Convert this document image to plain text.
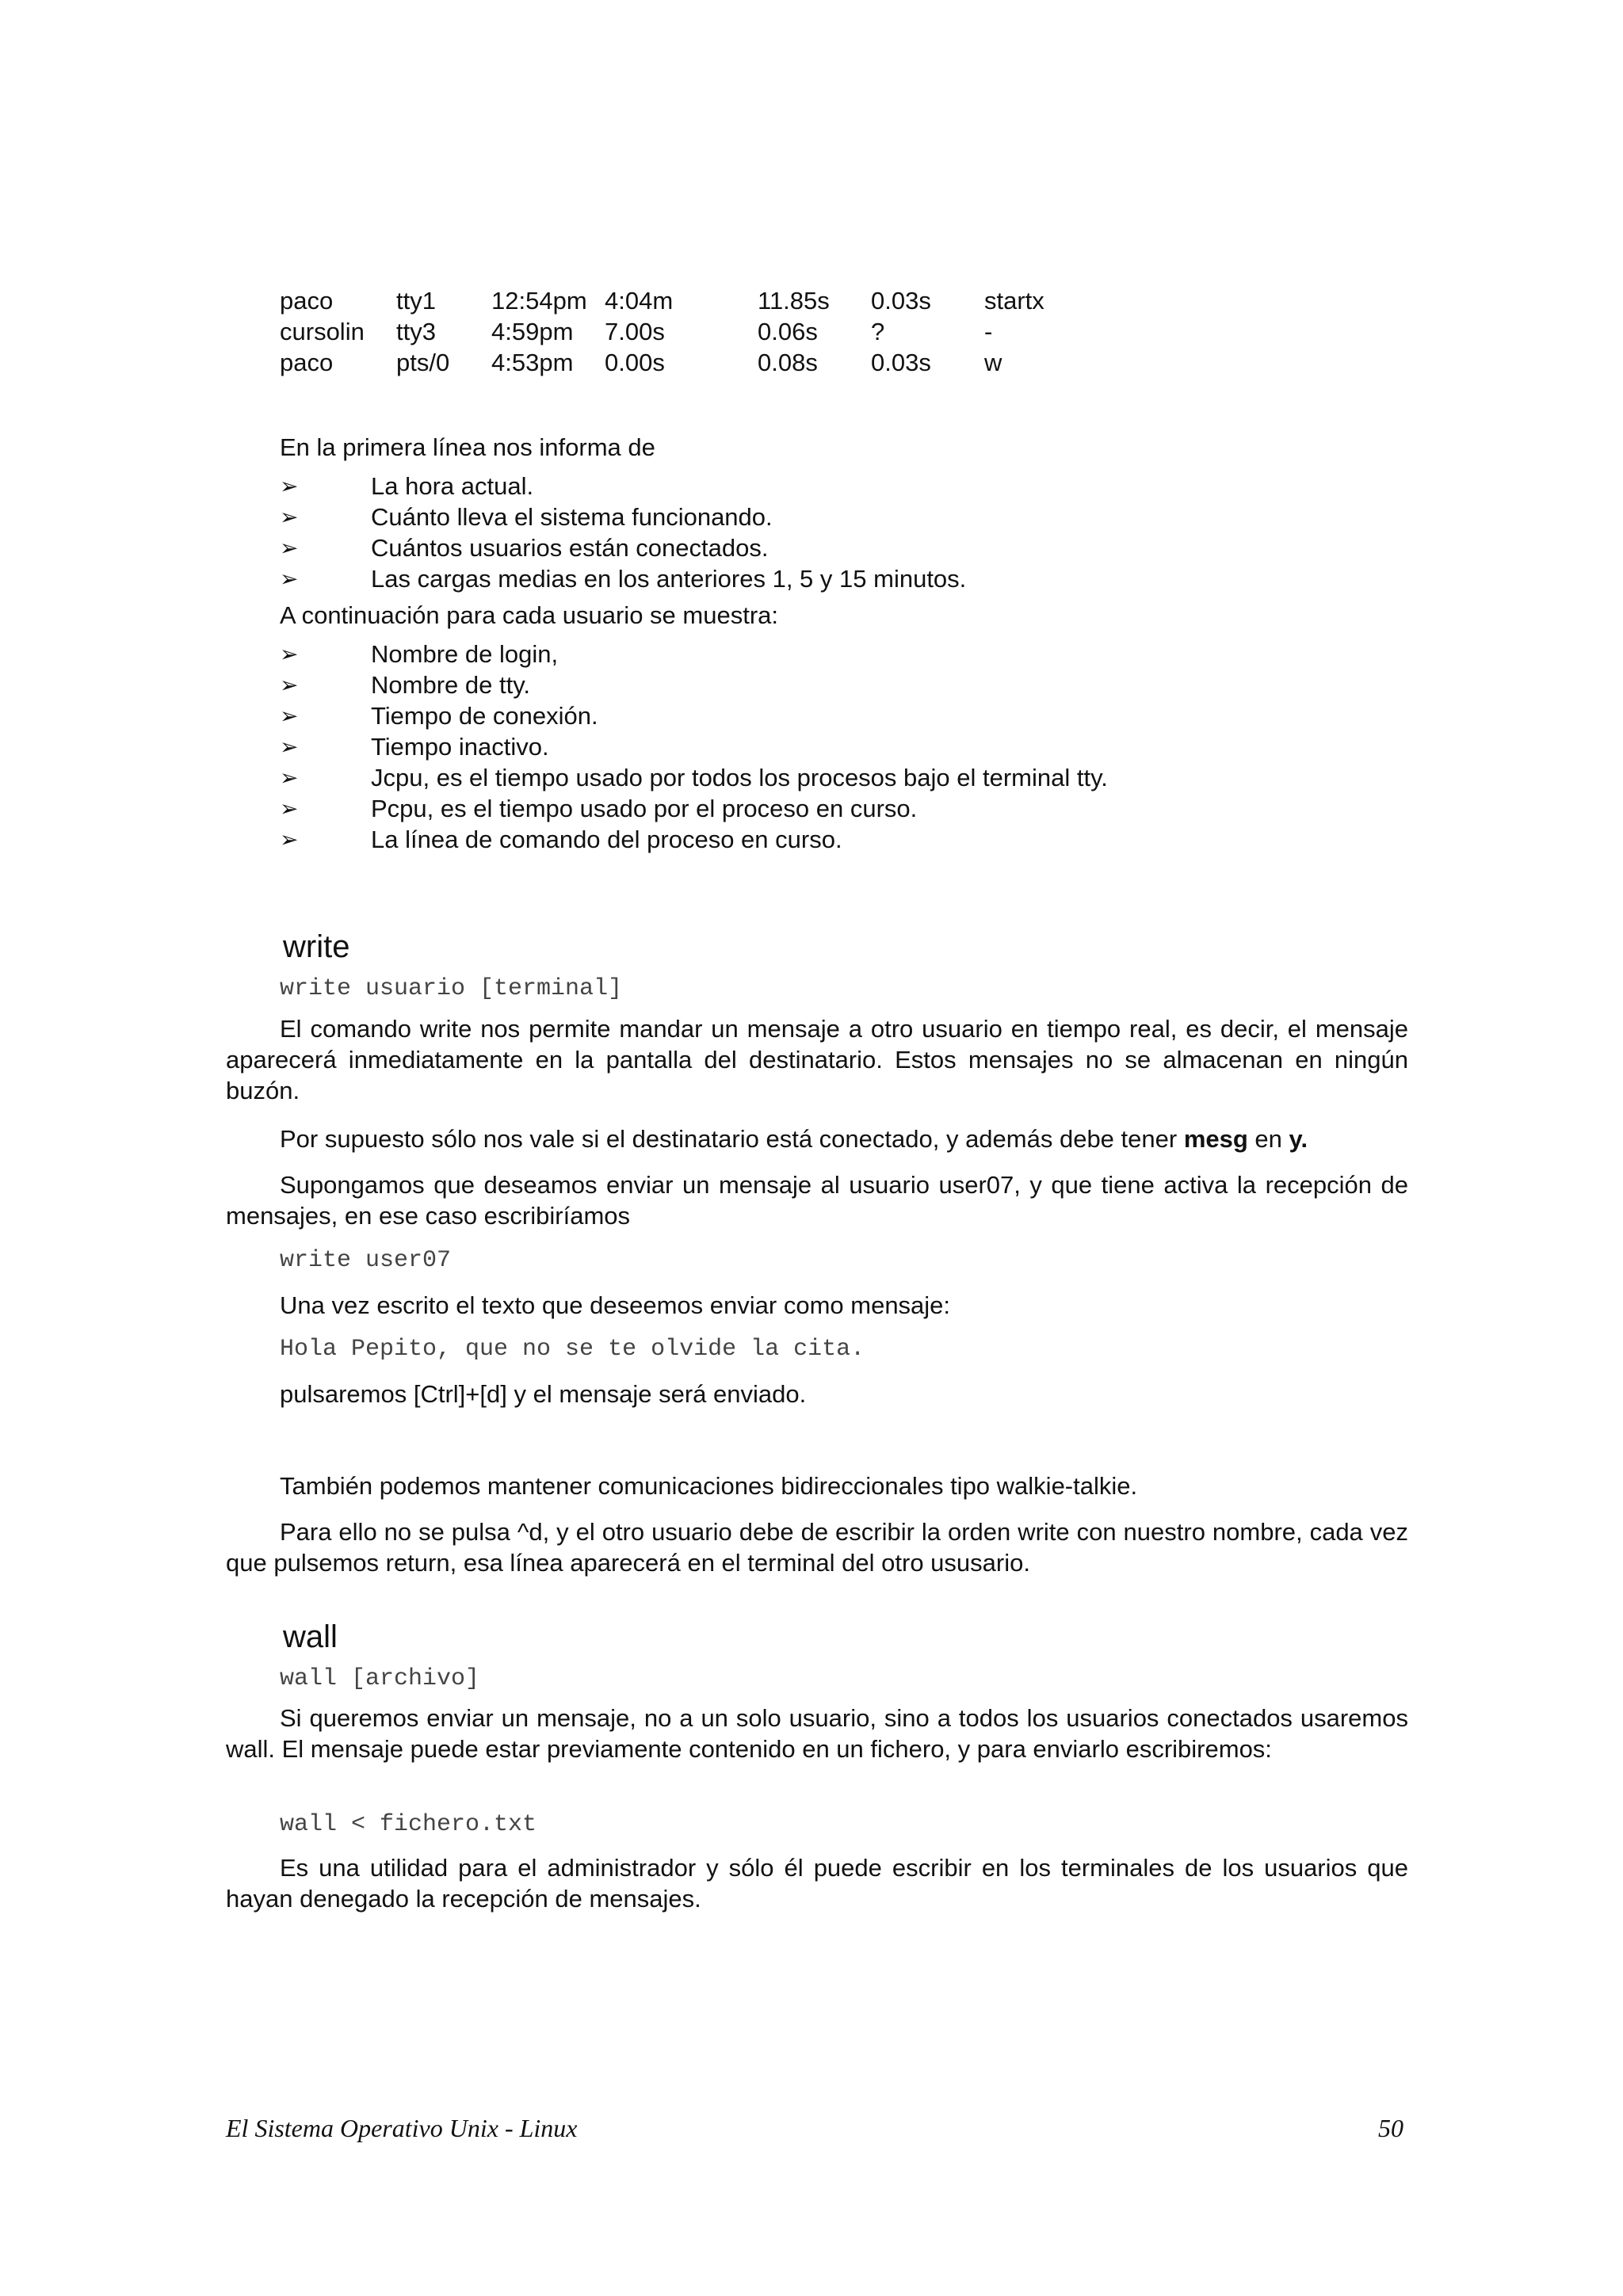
paco	tty1	12:54pm	4:04m	11.85s	0.03s	startx
cursolin	tty3	4:59pm	7.00s	0.06s	?	-
paco	pts/0	4:53pm	0.00s	0.08s	0.03s	w
En la primera línea nos informa de
➢	La hora actual.
➢	Cuánto lleva el sistema funcionando.
➢	Cuántos usuarios están conectados.
➢	Las cargas medias en los anteriores 1, 5 y 15 minutos.
A continuación para cada usuario se muestra:
➢	Nombre de login,
➢	Nombre de tty.
➢	Tiempo de conexión.
➢	Tiempo inactivo.
➢	Jcpu, es el tiempo usado por todos los procesos bajo el terminal tty.
➢	Pcpu, es el tiempo usado por el proceso en curso.
➢	La línea de comando del proceso en curso.
write
write usuario [terminal]

El comando write nos permite mandar un mensaje a otro usuario en tiempo real, es decir, el mensaje aparecerá inmediatamente en la pantalla del destinatario. Estos mensajes no se almacenan en ningún buzón.

Por supuesto sólo nos vale si el destinatario está conectado, y además debe tener mesg en y.

Supongamos que deseamos enviar un mensaje al usuario user07, y que tiene activa la recepción de mensajes, en ese caso escribiríamos

write user07

Una vez escrito el texto que deseemos enviar como mensaje:

Hola Pepito, que no se te olvide la cita.

pulsaremos [Ctrl]+[d] y el mensaje será enviado.

También podemos mantener comunicaciones bidireccionales tipo walkie-talkie.

Para ello no se pulsa ^d, y el otro usuario debe de escribir la orden write con nuestro nombre, cada vez que pulsemos return, esa línea aparecerá en el terminal del otro ususario.

wall
wall [archivo]

Si queremos enviar un mensaje, no a un solo usuario, sino a todos los usuarios conectados usaremos wall. El mensaje puede estar previamente contenido en un fichero, y para enviarlo escribiremos:

wall < fichero.txt

Es una utilidad para el administrador y sólo él puede escribir en los terminales de los usuarios que hayan denegado la recepción de mensajes.

El Sistema Operativo Unix - Linux	50
